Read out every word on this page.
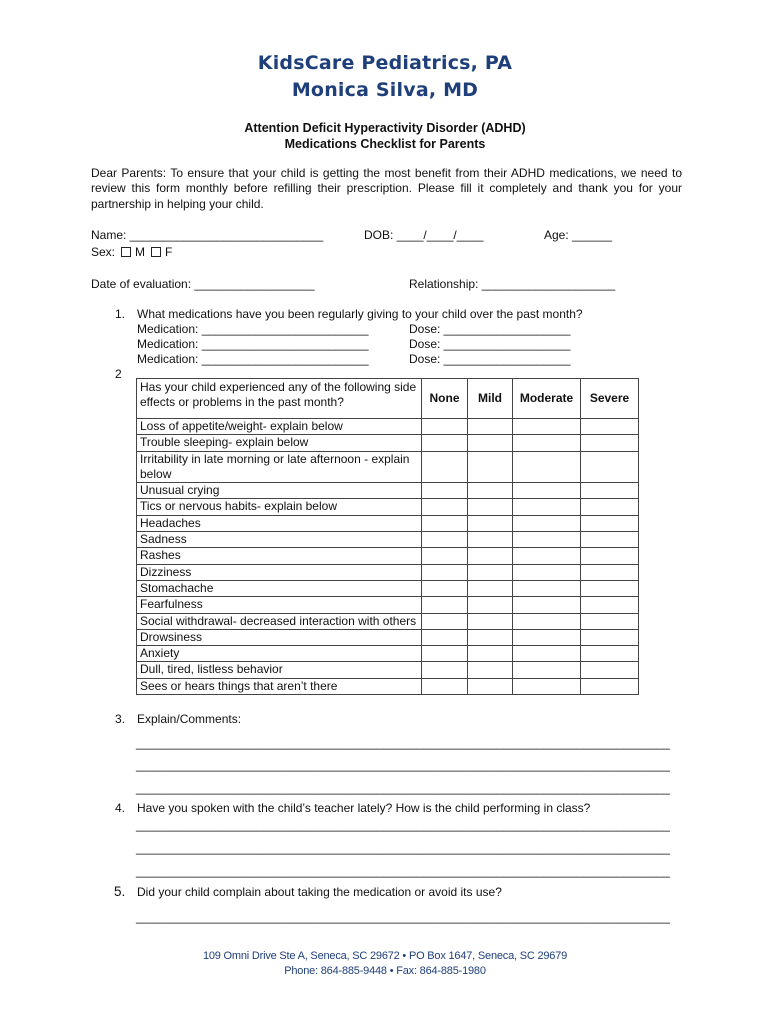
KidsCare Pediatrics, PA
Monica Silva, MD
Attention Deficit Hyperactivity Disorder (ADHD)
Medications Checklist for Parents
Dear Parents: To ensure that your child is getting the most benefit from their ADHD medications, we need to review this form monthly before refilling their prescription. Please fill it completely and thank you for your partnership in helping your child.
Name: _____________________________	DOB: ____/____/____	Age: ______
Sex: M F
Date of evaluation: __________________	Relationship: ____________________
1. What medications have you been regularly giving to your child over the past month?
Medication: _________________________	Dose: ___________________
Medication: _________________________	Dose: ___________________
Medication: _________________________	Dose: ___________________
2
Has your child experienced any of the following side effects or problems in the past month?	None	Mild	Moderate	Severe
Loss of appetite/weight- explain below				
Trouble sleeping- explain below				
Irritability in late morning or late afternoon - explain below				
Unusual crying				
Tics or nervous habits- explain below				
Headaches				
Sadness				
Rashes				
Dizziness				
Stomachache				
Fearfulness				
Social withdrawal- decreased interaction with others				
Drowsiness				
Anxiety				
Dull, tired, listless behavior				
Sees or hears things that aren’t there				
3. Explain/Comments:
________________________________________________________________________________
________________________________________________________________________________
________________________________________________________________________________
4. Have you spoken with the child’s teacher lately? How is the child performing in class?
________________________________________________________________________________
________________________________________________________________________________
________________________________________________________________________________
5. Did your child complain about taking the medication or avoid its use?
________________________________________________________________________________
109 Omni Drive Ste A, Seneca, SC 29672 • PO Box 1647, Seneca, SC 29679
Phone: 864-885-9448 • Fax: 864-885-1980
